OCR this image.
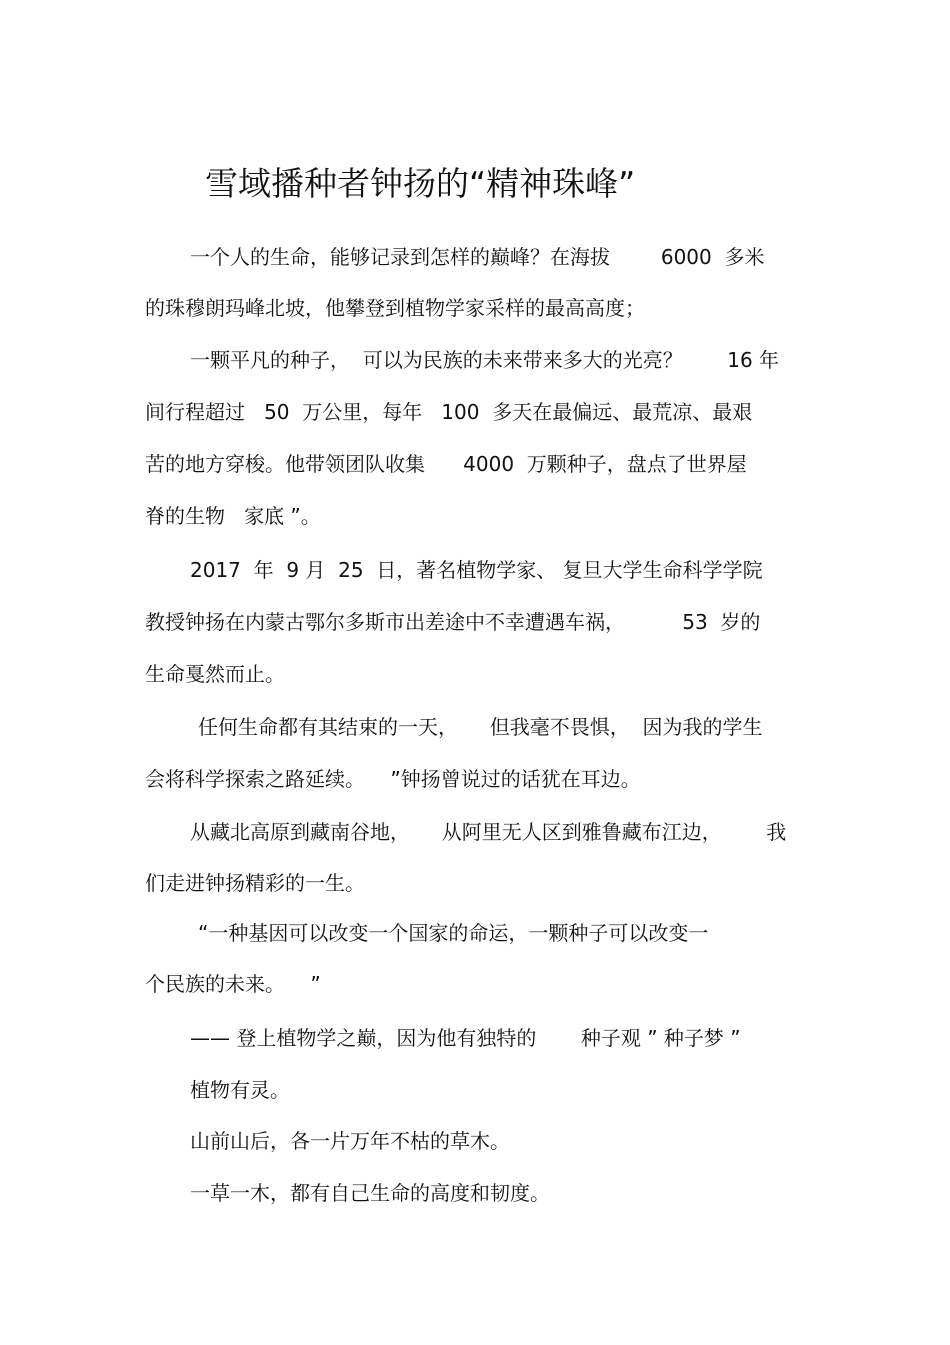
雪域播种者钟扬的“精神珠峰”
一个人的生命，能够记录到怎样的巅峰？在海拔        6000  多米
的珠穆朗玛峰北坡，他攀登到植物学家采样的最高高度；
一颗平凡的种子，  可以为民族的未来带来多大的光亮？       16 年
间行程超过   50  万公里，每年   100  多天在最偏远、最荒凉、最艰
苦的地方穿梭。他带领团队收集      4000  万颗种子，盘点了世界屋
脊的生物   家底 ”。
2017  年  9 月  25  日，著名植物学家、 复旦大学生命科学学院
教授钟扬在内蒙古鄂尔多斯市出差途中不幸遭遇车祸，         53  岁的
生命戛然而止。
任何生命都有其结束的一天，     但我毫不畏惧，  因为我的学生
会将科学探索之路延续。    ”钟扬曾说过的话犹在耳边。
从藏北高原到藏南谷地，     从阿里无人区到雅鲁藏布江边，       我
们走进钟扬精彩的一生。
“一种基因可以改变一个国家的命运，一颗种子可以改变一
个民族的未来。    ”
—— 登上植物学之巅，因为他有独特的       种子观 ” 种子梦 ”
植物有灵。
山前山后，各一片万年不枯的草木。
一草一木，都有自己生命的高度和韧度。
